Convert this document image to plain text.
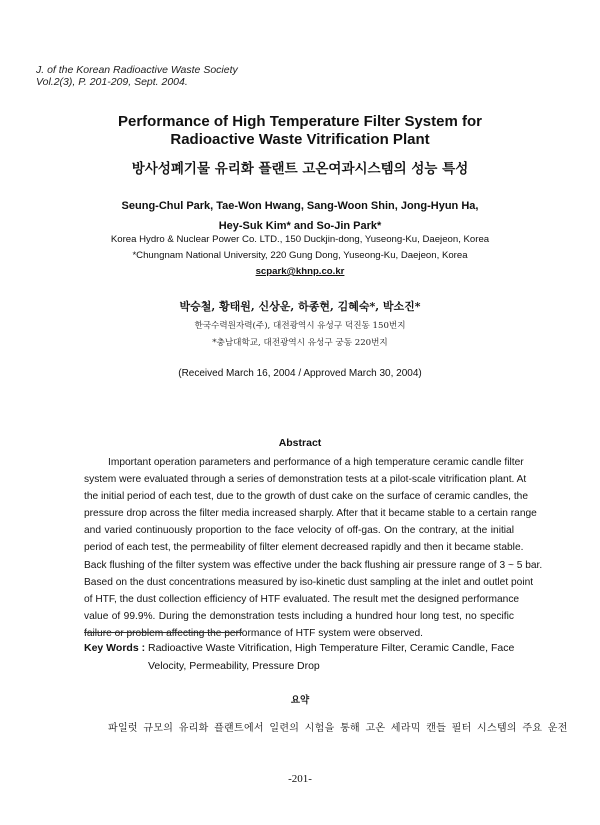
J. of the Korean Radioactive Waste Society
Vol.2(3), P. 201-209, Sept. 2004.
Performance of High Temperature Filter System for
Radioactive Waste Vitrification Plant
방사성폐기물 유리화 플랜트 고온여과시스템의 성능 특성
Seung-Chul Park, Tae-Won Hwang, Sang-Woon Shin, Jong-Hyun Ha,
Hey-Suk Kim* and So-Jin Park*
Korea Hydro & Nuclear Power Co. LTD., 150 Duckjin-dong, Yuseong-Ku, Daejeon, Korea
*Chungnam National University, 220 Gung Dong, Yuseong-Ku, Daejeon, Korea
scpark@khnp.co.kr
박승철, 황태원, 신상운, 하종현, 김혜숙*, 박소진*
한국수력원자력(주), 대전광역시 유성구 덕진동 150번지
*충남대학교, 대전광역시 유성구 궁동 220번지
(Received March 16, 2004 / Approved March 30, 2004)
Abstract
Important operation parameters and performance of a high temperature ceramic candle filter
system were evaluated through a series of demonstration tests at a pilot-scale vitrification plant. At
the initial period of each test, due to the growth of dust cake on the surface of ceramic candles, the
pressure drop across the filter media increased sharply. After that it became stable to a certain range
and varied continuously proportion to the face velocity of off-gas. On the contrary, at the initial
period of each test, the permeability of filter element decreased rapidly and then it became stable.
Back flushing of the filter system was effective under the back flushing air pressure range of 3 ~ 5 bar.
Based on the dust concentrations measured by iso-kinetic dust sampling at the inlet and outlet point
of HTF, the dust collection efficiency of HTF evaluated. The result met the designed performance
value of 99.9%. During the demonstration tests including a hundred hour long test, no specific
failure or problem affecting the performance of HTF system were observed.
Key Words : Radioactive Waste Vitrification, High Temperature Filter, Ceramic Candle, Face
Velocity, Permeability, Pressure Drop
요약
파일럿 규모의 유리화 플랜트에서 일련의 시험을 통해 고온 세라믹 캔들 필터 시스템의 주요 운전
-201-
